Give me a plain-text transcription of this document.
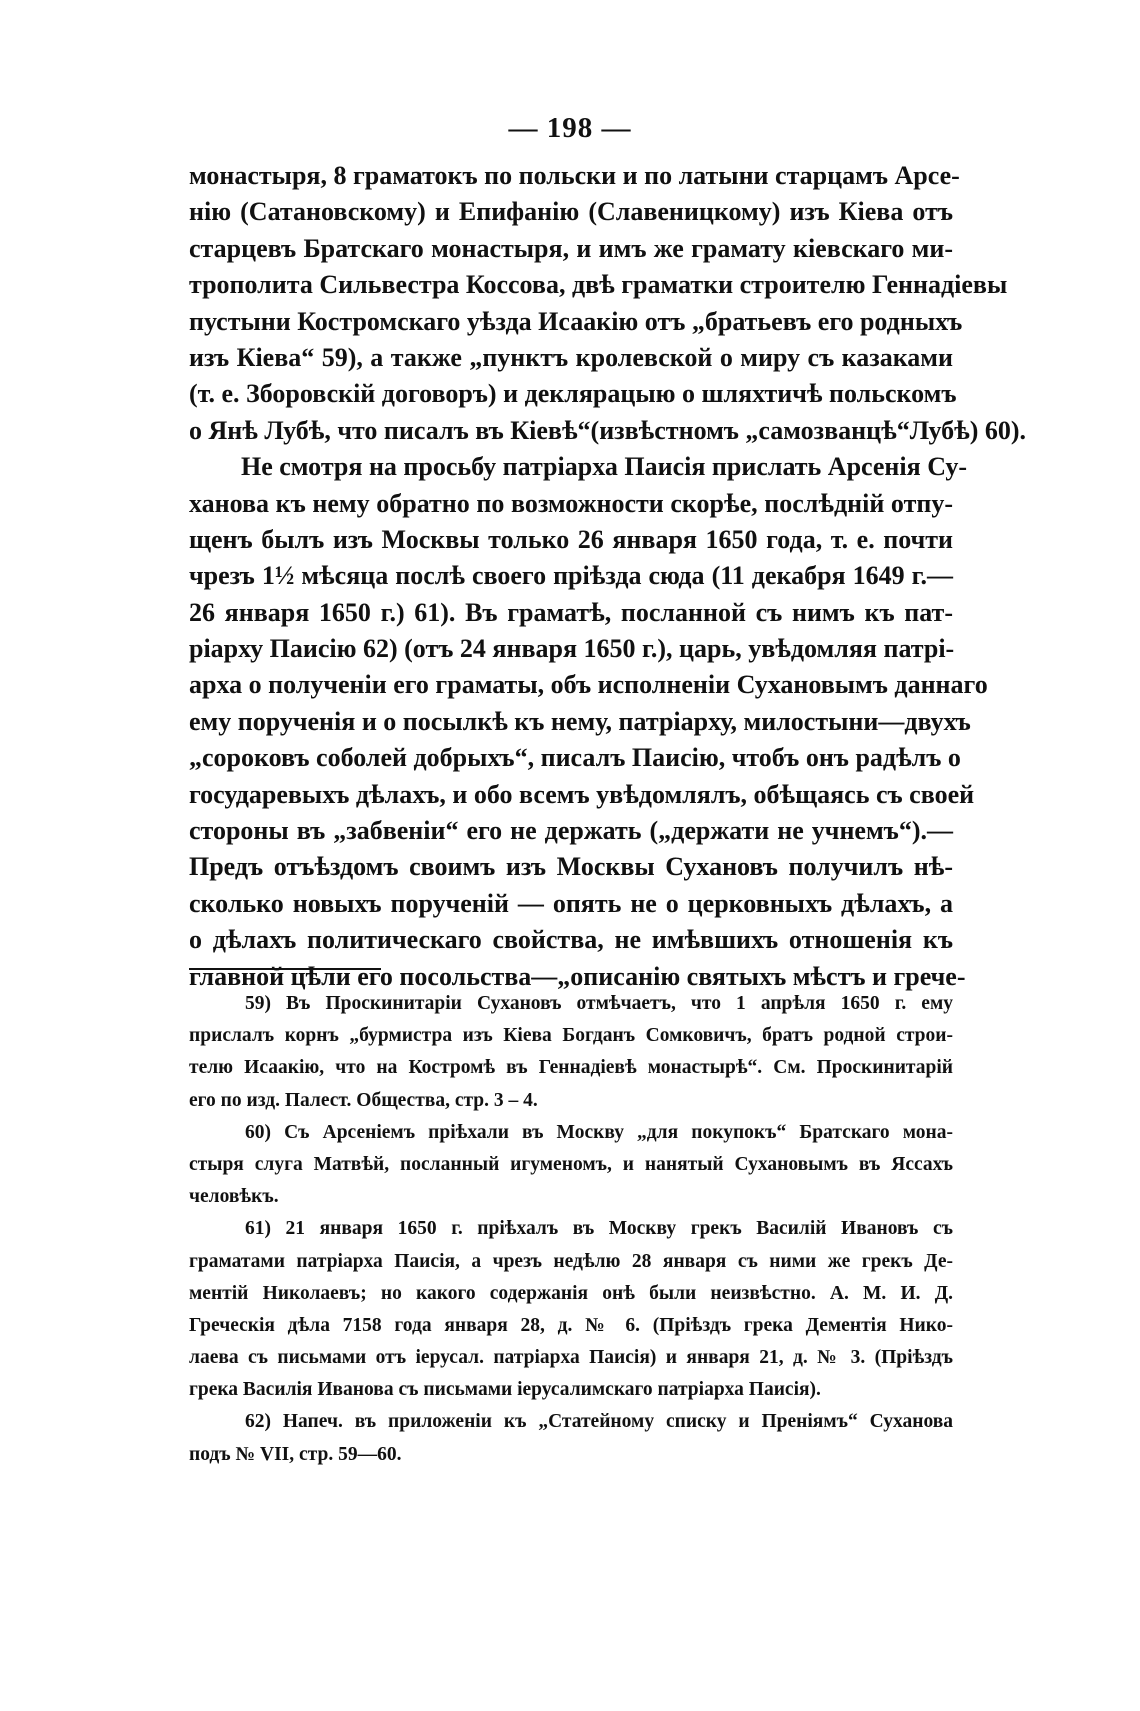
— 198 —
монастыря, 8 граматокъ по польски и по латыни старцамъ Арсе-
нію (Сатановскому) и Епифанію (Славеницкому) изъ Кіева отъ
старцевъ Братскаго монастыря, и имъ же грамату кіевскаго ми-
трополита Сильвестра Коссова, двѣ граматки строителю Геннадіевы
пустыни Костромскаго уѣзда Исаакію отъ „братьевъ его родныхъ
изъ Кіева“ 59), а также „пунктъ кролевской о миру съ казаками
(т. е. Зборовскій договоръ) и деклярацыю о шляхтичѣ польскомъ
о Янѣ Лубѣ, что писалъ въ Кіевѣ“(извѣстномъ „самозванцѣ“Лубѣ) 60).
Не смотря на просьбу патріарха Паисія прислать Арсенія Су-
ханова къ нему обратно по возможности скорѣе, послѣдній отпу-
щенъ былъ изъ Москвы только 26 января 1650 года, т. е. почти
чрезъ 1½ мѣсяца послѣ своего пріѣзда сюда (11 декабря 1649 г.—
26 января 1650 г.) 61). Въ граматѣ, посланной съ нимъ къ пат-
ріарху Паисію 62) (отъ 24 января 1650 г.), царь, увѣдомляя патрі-
арха о полученіи его граматы, объ исполненіи Сухановымъ даннаго
ему порученія и о посылкѣ къ нему, патріарху, милостыни—двухъ
„сороковъ соболей добрыхъ“, писалъ Паисію, чтобъ онъ радѣлъ о
государевыхъ дѣлахъ, и обо всемъ увѣдомлялъ, обѣщаясь съ своей
стороны въ „забвеніи“ его не держать („держати не учнемъ“).—
Предъ отъѣздомъ своимъ изъ Москвы Сухановъ получилъ нѣ-
сколько новыхъ порученій — опять не о церковныхъ дѣлахъ, а
о дѣлахъ политическаго свойства, не имѣвшихъ отношенія къ
главной цѣли его посольства—„описанію святыхъ мѣстъ и грече-
59) Въ Проскинитаріи Сухановъ отмѣчаетъ, что 1 апрѣля 1650 г. ему
прислалъ корнъ „бурмистра изъ Кіева Богданъ Сомковичъ, братъ родной строи-
телю Исаакію, что на Костромѣ въ Геннадіевѣ монастырѣ“. См. Проскинитарій
его по изд. Палест. Общества, стр. 3 – 4.
60) Съ Арсеніемъ пріѣхали въ Москву „для покупокъ“ Братскаго мона-
стыря слуга Матвѣй, посланный игуменомъ, и нанятый Сухановымъ въ Яссахъ
человѣкъ.
61) 21 января 1650 г. пріѣхалъ въ Москву грекъ Василій Ивановъ съ
граматами патріарха Паисія, а чрезъ недѣлю 28 января съ ними же грекъ Де-
ментій Николаевъ; но какого содержанія онѣ были неизвѣстно. А. М. И. Д.
Греческія дѣла 7158 года января 28, д. № 6. (Пріѣздъ грека Дементія Нико-
лаева съ письмами отъ іерусал. патріарха Паисія) и января 21, д. № 3. (Пріѣздъ
грека Василія Иванова съ письмами іерусалимскаго патріарха Паисія).
62) Напеч. въ приложеніи къ „Статейному списку и Преніямъ“ Суханова
подъ № VII, стр. 59—60.
